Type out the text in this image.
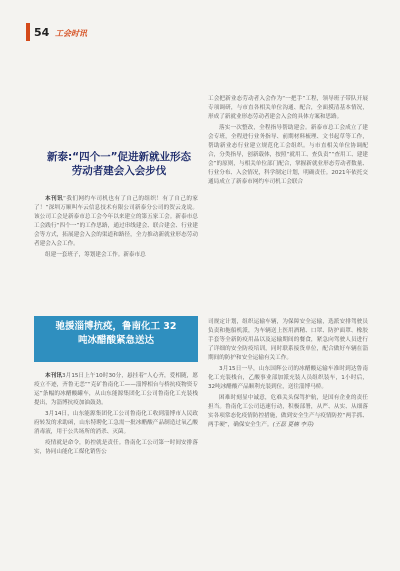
54 工会时讯
新泰:“四个一”促进新就业形态
劳动者建会入会步伐

本刊讯“我们网约车司机也有了自己的组织！有了自己的家了！”深圳万顺叫车云信息技术有限公司新泰分公司的贺云龙说。该公司工会是新泰市总工会今年以来建立的第五家工会。新泰市总工会践行“四个一”的工作思路，通过串线建会、联合建会、行业建会等方式，拓展建会入会的渠道和路径，全力推动新就业形态劳动者建会入会工作。

组建一套班子，筹划建会工作。新泰市总

工会把新业态劳动者入会作为“一把手”工程，领导班子带队开展专项调研，与市直各相关单位沟通、配合，全面摸清基本情况，形成了新就业形态劳动者建会入会的具体方案和思路。

落实一次整改，全程指导帮助建会。新泰市总工会成立了建会专班，全程进行业务指导、前期材料梳理、文书起草等工作，帮助新业态行业建立规范化工会组织。与市直相关单位协调配合，分类指导，创新载体，按照“就用工、查负责”“查用工、建建会”的原则，与相关单位部门配合，掌握新就业形态劳动者数量、行业分布、入会情况，科学制定计划，明确责任。2021年依托交通局成立了新泰市网约车司机工会联合

驰援淄博抗疫，鲁南化工 32
吨冰醋酸紧急送达

本刊讯3月15日上午10时30分，悬挂着“人心齐，爱相随，愿疫立不迹，齐鲁无恙”“克矿鲁南化工——淄博相台与桥抗疫物资专运”条幅的冰醋酸罐车，从山东能源集团化工公司鲁南化工充装栈提出，为淄博抗疫加油鼓劲。

3月14日，山东能源集团化工公司鲁南化工收到淄博市人民政府转发的求助函，山东特聘化工急需一批冰醋酸产品制造过氧乙酸消毒液，用于公共场所的消杀、灭菌。

疫情就是命令，防控就是责任。鲁南化工公司第一时间安排落实，协同山能化工煤化销售公

司规定计划，组织运输车辆，为保障安全运输，选派安排驾驶员负责和拖船机派，为车辆送上医用酒精、口罩、防护面罩、橡胶手套等全新防疫用品以及运输期间的餐食，紧急向驾驶人员进行了详细的安全防疫培训，同时联系接货单位，配合做好车辆在淄期间的防护和安全运输有关工作。

3月15日一早，山东国辉公司的冰醋酸运输车准时到达鲁南化工充装栈台，乙酸事业部加派充装人员组织装车，1小时后，32吨冰醋酸产品顺利充装到位，送往淄博马桥。

困难时刻显中诚意，危难关头保驾护航，是国有企业的责任担当。鲁南化工公司迅速行动，积极部署，从严、从实、从细落实各项常态化疫情防控措施，做到安全生产与疫情防控“两手抓、两手硬”，确保安全生产。(王磊 夏楠 李芬)
